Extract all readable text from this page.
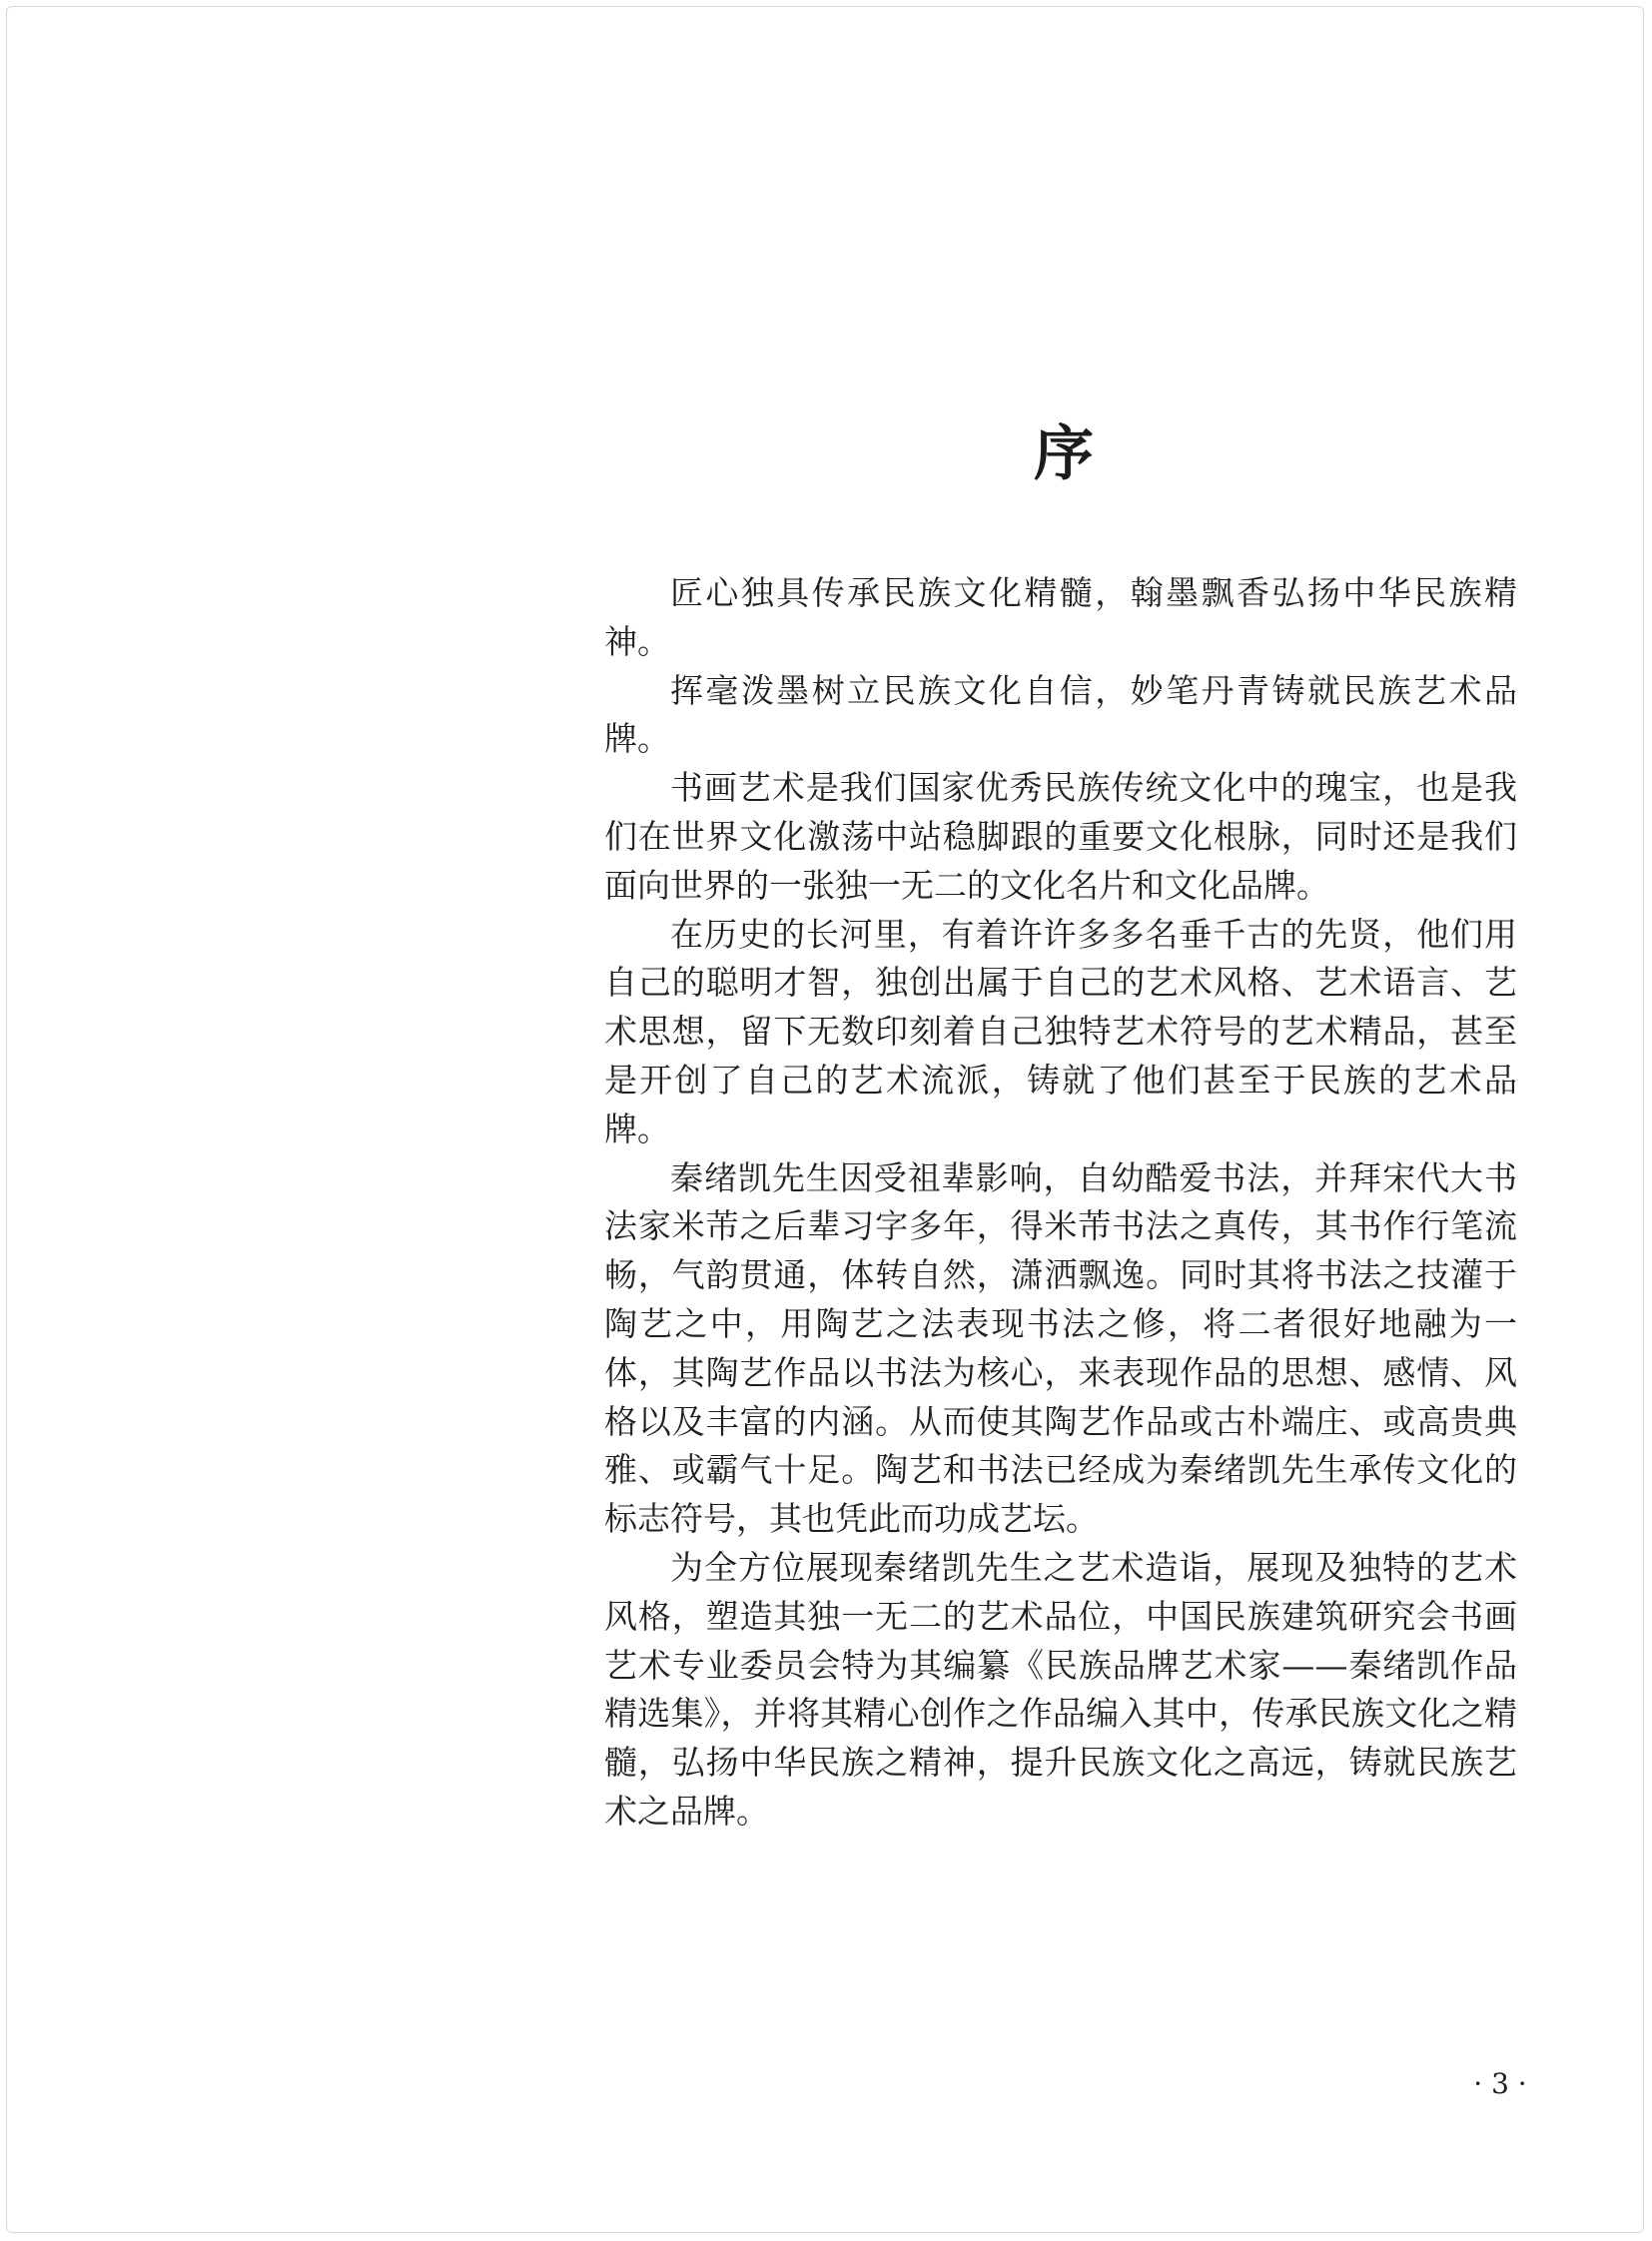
序

匠心独具传承民族文化精髓，翰墨飘香弘扬中华民族精神。

挥毫泼墨树立民族文化自信，妙笔丹青铸就民族艺术品牌。

书画艺术是我们国家优秀民族传统文化中的瑰宝，也是我们在世界文化激荡中站稳脚跟的重要文化根脉，同时还是我们面向世界的一张独一无二的文化名片和文化品牌。

在历史的长河里，有着许许多多名垂千古的先贤，他们用自己的聪明才智，独创出属于自己的艺术风格、艺术语言、艺术思想，留下无数印刻着自己独特艺术符号的艺术精品，甚至是开创了自己的艺术流派，铸就了他们甚至于民族的艺术品牌。

秦绪凯先生因受祖辈影响，自幼酷爱书法，并拜宋代大书法家米芾之后辈习字多年，得米芾书法之真传，其书作行笔流畅，气韵贯通，体转自然，潇洒飘逸。同时其将书法之技灌于陶艺之中，用陶艺之法表现书法之修，将二者很好地融为一体，其陶艺作品以书法为核心，来表现作品的思想、感情、风格以及丰富的内涵。从而使其陶艺作品或古朴端庄、或高贵典雅、或霸气十足。陶艺和书法已经成为秦绪凯先生承传文化的标志符号，其也凭此而功成艺坛。

为全方位展现秦绪凯先生之艺术造诣，展现及独特的艺术风格，塑造其独一无二的艺术品位，中国民族建筑研究会书画艺术专业委员会特为其编纂《民族品牌艺术家——秦绪凯作品精选集》，并将其精心创作之作品编入其中，传承民族文化之精髓，弘扬中华民族之精神，提升民族文化之高远，铸就民族艺术之品牌。

· 3 ·
